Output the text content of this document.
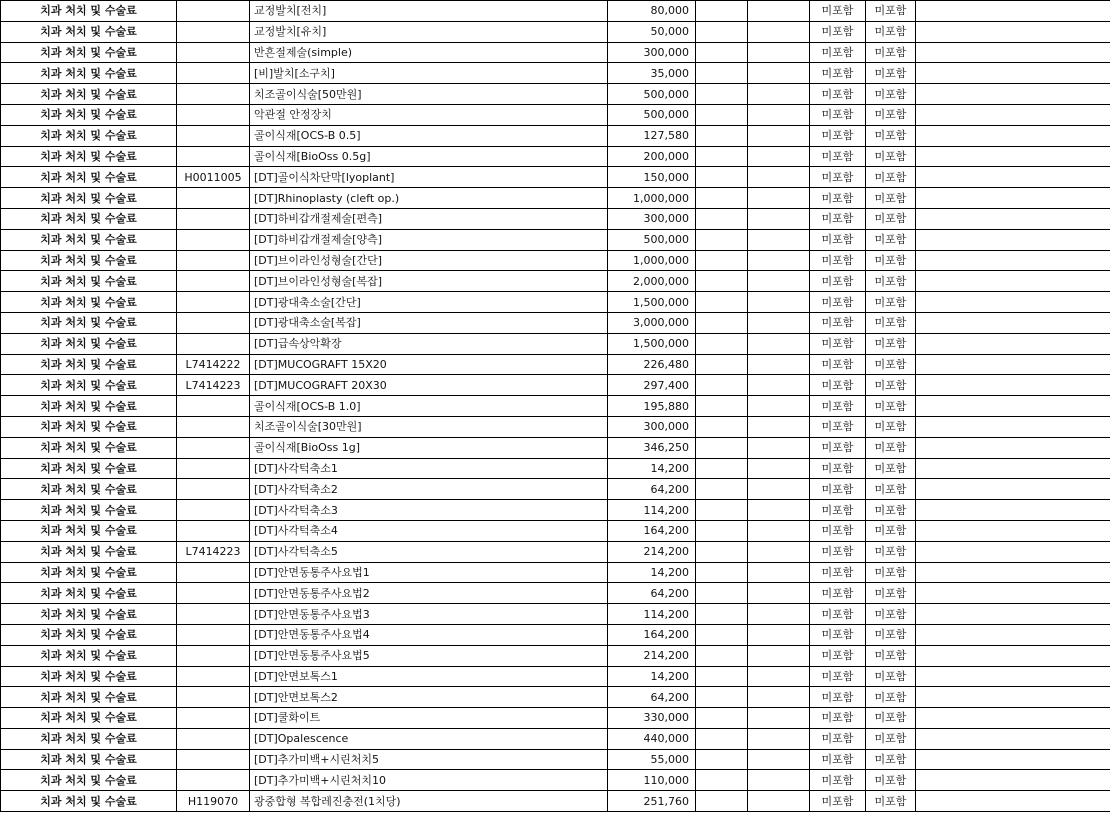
치과 처치 및 수술료		교정발치[전치]	80,000			미포함	미포함	
치과 처치 및 수술료		교정발치[유치]	50,000			미포함	미포함	
치과 처치 및 수술료		반흔절제술(simple)	300,000			미포함	미포함	
치과 처치 및 수술료		[비]발치[소구치]	35,000			미포함	미포함	
치과 처치 및 수술료		치조골이식술[50만원]	500,000			미포함	미포함	
치과 처치 및 수술료		악관절 안정장치	500,000			미포함	미포함	
치과 처치 및 수술료		골이식재[OCS-B 0.5]	127,580			미포함	미포함	
치과 처치 및 수술료		골이식재[BioOss 0.5g]	200,000			미포함	미포함	
치과 처치 및 수술료	H0011005	[DT]골이식차단막[lyoplant]	150,000			미포함	미포함	
치과 처치 및 수술료		[DT]Rhinoplasty (cleft op.)	1,000,000			미포함	미포함	
치과 처치 및 수술료		[DT]하비갑개절제술[편측]	300,000			미포함	미포함	
치과 처치 및 수술료		[DT]하비갑개절제술[양측]	500,000			미포함	미포함	
치과 처치 및 수술료		[DT]브이라인성형술[간단]	1,000,000			미포함	미포함	
치과 처치 및 수술료		[DT]브이라인성형술[복잡]	2,000,000			미포함	미포함	
치과 처치 및 수술료		[DT]광대축소술[간단]	1,500,000			미포함	미포함	
치과 처치 및 수술료		[DT]광대축소술[복잡]	3,000,000			미포함	미포함	
치과 처치 및 수술료		[DT]급속상악확장	1,500,000			미포함	미포함	
치과 처치 및 수술료	L7414222	[DT]MUCOGRAFT 15X20	226,480			미포함	미포함	
치과 처치 및 수술료	L7414223	[DT]MUCOGRAFT 20X30	297,400			미포함	미포함	
치과 처치 및 수술료		골이식재[OCS-B 1.0]	195,880			미포함	미포함	
치과 처치 및 수술료		치조골이식술[30만원]	300,000			미포함	미포함	
치과 처치 및 수술료		골이식재[BioOss 1g]	346,250			미포함	미포함	
치과 처치 및 수술료		[DT]사각턱축소1	14,200			미포함	미포함	
치과 처치 및 수술료		[DT]사각턱축소2	64,200			미포함	미포함	
치과 처치 및 수술료		[DT]사각턱축소3	114,200			미포함	미포함	
치과 처치 및 수술료		[DT]사각턱축소4	164,200			미포함	미포함	
치과 처치 및 수술료	L7414223	[DT]사각턱축소5	214,200			미포함	미포함	
치과 처치 및 수술료		[DT]안면동통주사요법1	14,200			미포함	미포함	
치과 처치 및 수술료		[DT]안면동통주사요법2	64,200			미포함	미포함	
치과 처치 및 수술료		[DT]안면동통주사요법3	114,200			미포함	미포함	
치과 처치 및 수술료		[DT]안면동통주사요법4	164,200			미포함	미포함	
치과 처치 및 수술료		[DT]안면동통주사요법5	214,200			미포함	미포함	
치과 처치 및 수술료		[DT]안면보톡스1	14,200			미포함	미포함	
치과 처치 및 수술료		[DT]안면보톡스2	64,200			미포함	미포함	
치과 처치 및 수술료		[DT]쿨화이트	330,000			미포함	미포함	
치과 처치 및 수술료		[DT]Opalescence	440,000			미포함	미포함	
치과 처치 및 수술료		[DT]추가미백+시린처치5	55,000			미포함	미포함	
치과 처치 및 수술료		[DT]추가미백+시린처치10	110,000			미포함	미포함	
치과 처치 및 수술료	H119070	광중합형 복합레진충전(1치당)	251,760			미포함	미포함	
